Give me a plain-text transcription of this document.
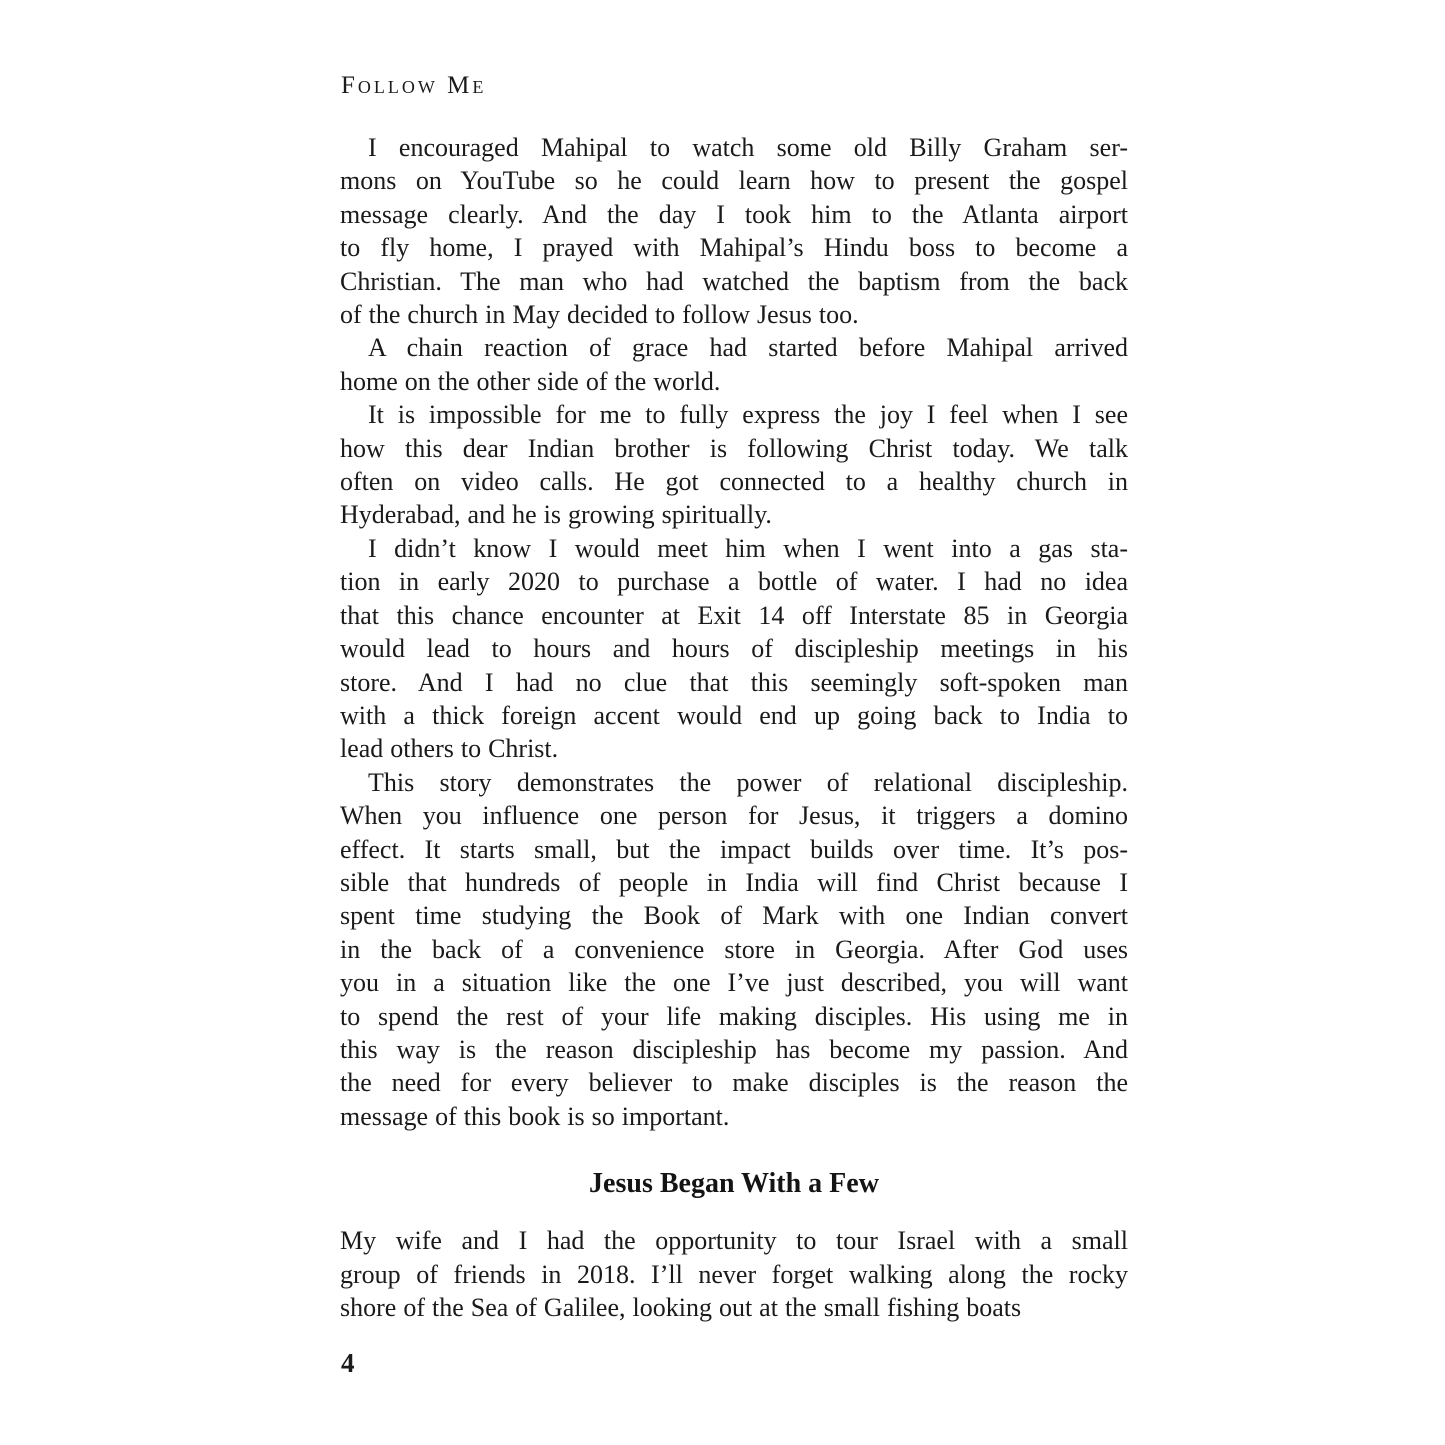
Follow Me
I encouraged Mahipal to watch some old Billy Graham ser-
mons on YouTube so he could learn how to present the gospel
message clearly. And the day I took him to the Atlanta airport
to fly home, I prayed with Mahipal’s Hindu boss to become a
Christian. The man who had watched the baptism from the back
of the church in May decided to follow Jesus too.
A chain reaction of grace had started before Mahipal arrived
home on the other side of the world.
It is impossible for me to fully express the joy I feel when I see
how this dear Indian brother is following Christ today. We talk
often on video calls. He got connected to a healthy church in
Hyderabad, and he is growing spiritually.
I didn’t know I would meet him when I went into a gas sta-
tion in early 2020 to purchase a bottle of water. I had no idea
that this chance encounter at Exit 14 off Interstate 85 in Georgia
would lead to hours and hours of discipleship meetings in his
store. And I had no clue that this seemingly soft-spoken man
with a thick foreign accent would end up going back to India to
lead others to Christ.
This story demonstrates the power of relational discipleship.
When you influence one person for Jesus, it triggers a domino
effect. It starts small, but the impact builds over time. It’s pos-
sible that hundreds of people in India will find Christ because I
spent time studying the Book of Mark with one Indian convert
in the back of a convenience store in Georgia. After God uses
you in a situation like the one I’ve just described, you will want
to spend the rest of your life making disciples. His using me in
this way is the reason discipleship has become my passion. And
the need for every believer to make disciples is the reason the
message of this book is so important.
Jesus Began With a Few
My wife and I had the opportunity to tour Israel with a small
group of friends in 2018. I’ll never forget walking along the rocky
shore of the Sea of Galilee, looking out at the small fishing boats
4
